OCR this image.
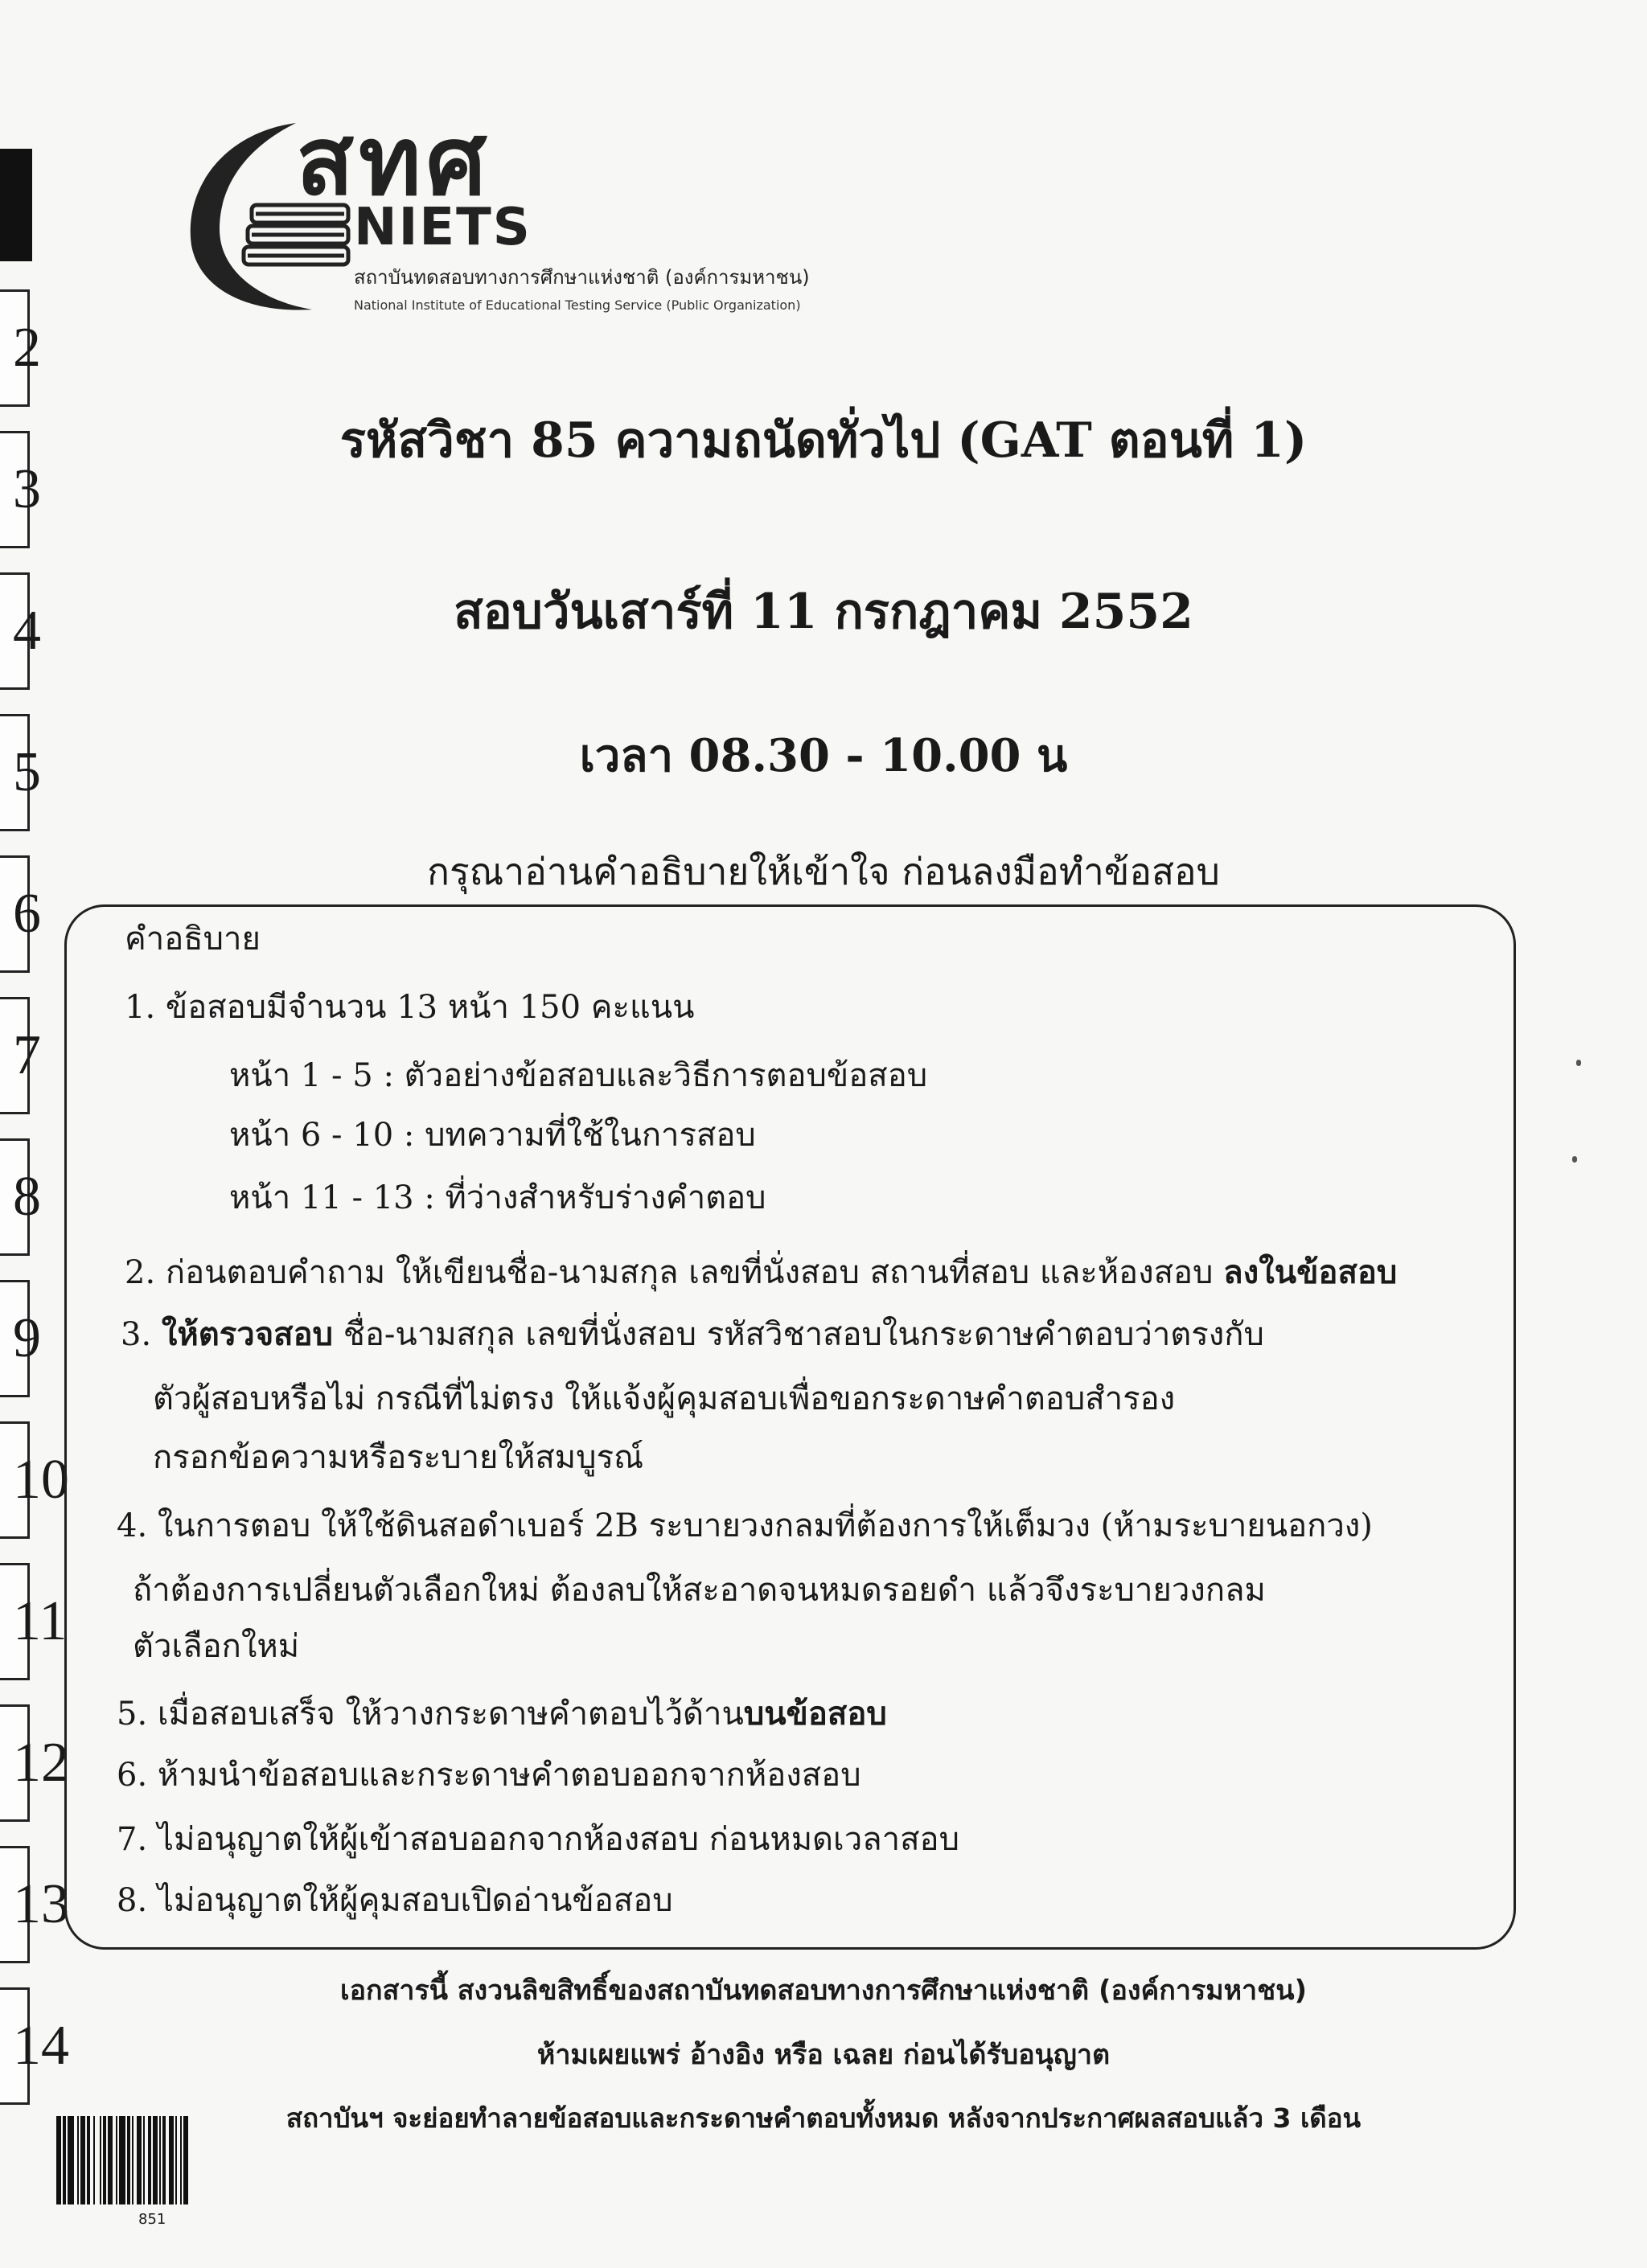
2
3
4
5
6
7
8
9
10
11
12
13
14
สทศ
NIETS
สถาบันทดสอบทางการศึกษาแห่งชาติ (องค์การมหาชน)
National Institute of Educational Testing Service (Public Organization)
รหัสวิชา 85 ความถนัดทั่วไป (GAT ตอนที่ 1)
สอบวันเสาร์ที่ 11 กรกฎาคม 2552
เวลา 08.30 - 10.00 น
กรุณาอ่านคำอธิบายให้เข้าใจ ก่อนลงมือทำข้อสอบ
คำอธิบาย
1. ข้อสอบมีจำนวน 13 หน้า 150 คะแนน
หน้า 1 - 5 : ตัวอย่างข้อสอบและวิธีการตอบข้อสอบ
หน้า 6 - 10 : บทความที่ใช้ในการสอบ
หน้า 11 - 13 : ที่ว่างสำหรับร่างคำตอบ
2. ก่อนตอบคำถาม ให้เขียนชื่อ-นามสกุล เลขที่นั่งสอบ สถานที่สอบ และห้องสอบ ลงในข้อสอบ
3. ให้ตรวจสอบ ชื่อ-นามสกุล เลขที่นั่งสอบ รหัสวิชาสอบในกระดาษคำตอบว่าตรงกับ
ตัวผู้สอบหรือไม่ กรณีที่ไม่ตรง ให้แจ้งผู้คุมสอบเพื่อขอกระดาษคำตอบสำรอง
กรอกข้อความหรือระบายให้สมบูรณ์
4. ในการตอบ ให้ใช้ดินสอดำเบอร์ 2B ระบายวงกลมที่ต้องการให้เต็มวง (ห้ามระบายนอกวง)
ถ้าต้องการเปลี่ยนตัวเลือกใหม่ ต้องลบให้สะอาดจนหมดรอยดำ แล้วจึงระบายวงกลม
ตัวเลือกใหม่
5. เมื่อสอบเสร็จ ให้วางกระดาษคำตอบไว้ด้านบนข้อสอบ
6. ห้ามนำข้อสอบและกระดาษคำตอบออกจากห้องสอบ
7. ไม่อนุญาตให้ผู้เข้าสอบออกจากห้องสอบ ก่อนหมดเวลาสอบ
8. ไม่อนุญาตให้ผู้คุมสอบเปิดอ่านข้อสอบ
เอกสารนี้ สงวนลิขสิทธิ์ของสถาบันทดสอบทางการศึกษาแห่งชาติ (องค์การมหาชน)
ห้ามเผยแพร่ อ้างอิง หรือ เฉลย ก่อนได้รับอนุญาต
สถาบันฯ จะย่อยทำลายข้อสอบและกระดาษคำตอบทั้งหมด หลังจากประกาศผลสอบแล้ว 3 เดือน
851
